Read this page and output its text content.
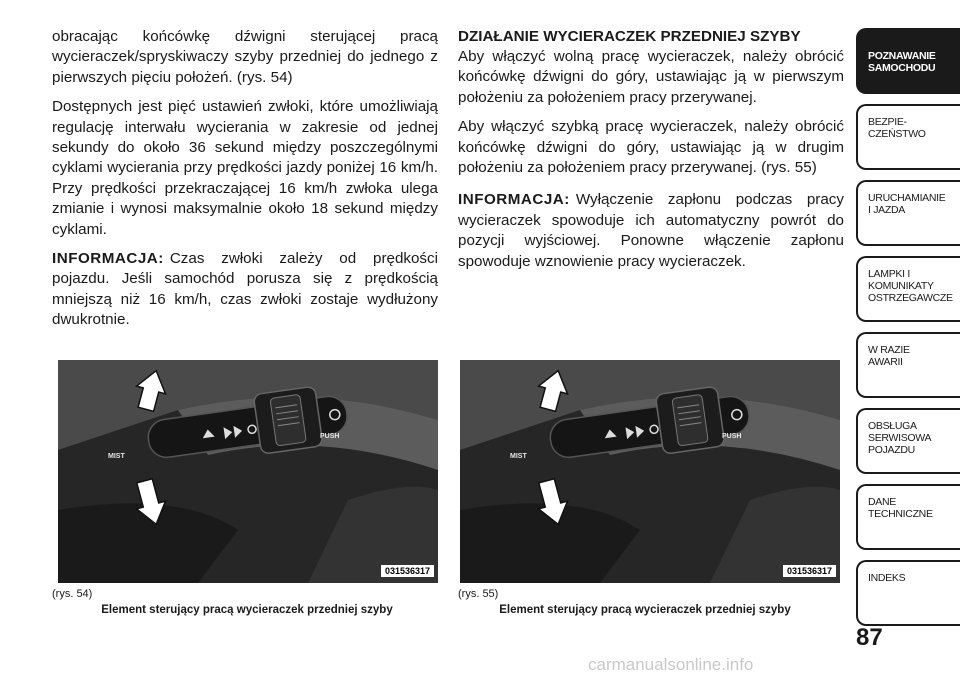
obracając końcówkę dźwigni sterującej pracą wycieraczek/spryskiwaczy szyby przedniej do jednego z pierwszych pięciu położeń. (rys. 54)

Dostępnych jest pięć ustawień zwłoki, które umożliwiają regulację interwału wycierania w zakresie od jednej sekundy do około 36 sekund między poszczególnymi cyklami wycierania przy prędkości jazdy poniżej 16 km/h. Przy prędkości przekraczającej 16 km/h zwłoka ulega zmianie i wynosi maksymalnie około 18 sekund między cyklami.

INFORMACJA: Czas zwłoki zależy od prędkości pojazdu. Jeśli samochód porusza się z prędkością mniejszą niż 16 km/h, czas zwłoki zostaje wydłużony dwukrotnie.

DZIAŁANIE WYCIERACZEK PRZEDNIEJ SZYBY

Aby włączyć wolną pracę wycieraczek, należy obrócić końcówkę dźwigni do góry, ustawiając ją w pierwszym położeniu za położeniem pracy przerywanej.

Aby włączyć szybką pracę wycieraczek, należy obrócić końcówkę dźwigni do góry, ustawiając ją w drugim położeniu za położeniem pracy przerywanej. (rys. 55)

INFORMACJA: Wyłączenie zapłonu podczas pracy wycieraczek spowoduje ich automatyczny powrót do pozycji wyjściowej. Ponowne włączenie zapłonu spowoduje wznowienie pracy wycieraczek.

MIST
PUSH
031536317
MIST
PUSH
031536317
(rys. 54)
Element sterujący pracą wycieraczek przedniej szyby
(rys. 55)
Element sterujący pracą wycieraczek przedniej szyby
POZNAWANIE
SAMOCHODU
BEZPIE-
CZEŃSTWO
URUCHAMIANIE
I JAZDA
LAMPKI I
KOMUNIKATY
OSTRZEGAWCZE
W RAZIE
AWARII
OBSŁUGA
SERWISOWA
POJAZDU
DANE
TECHNICZNE
INDEKS
87
carmanualsonline.info
